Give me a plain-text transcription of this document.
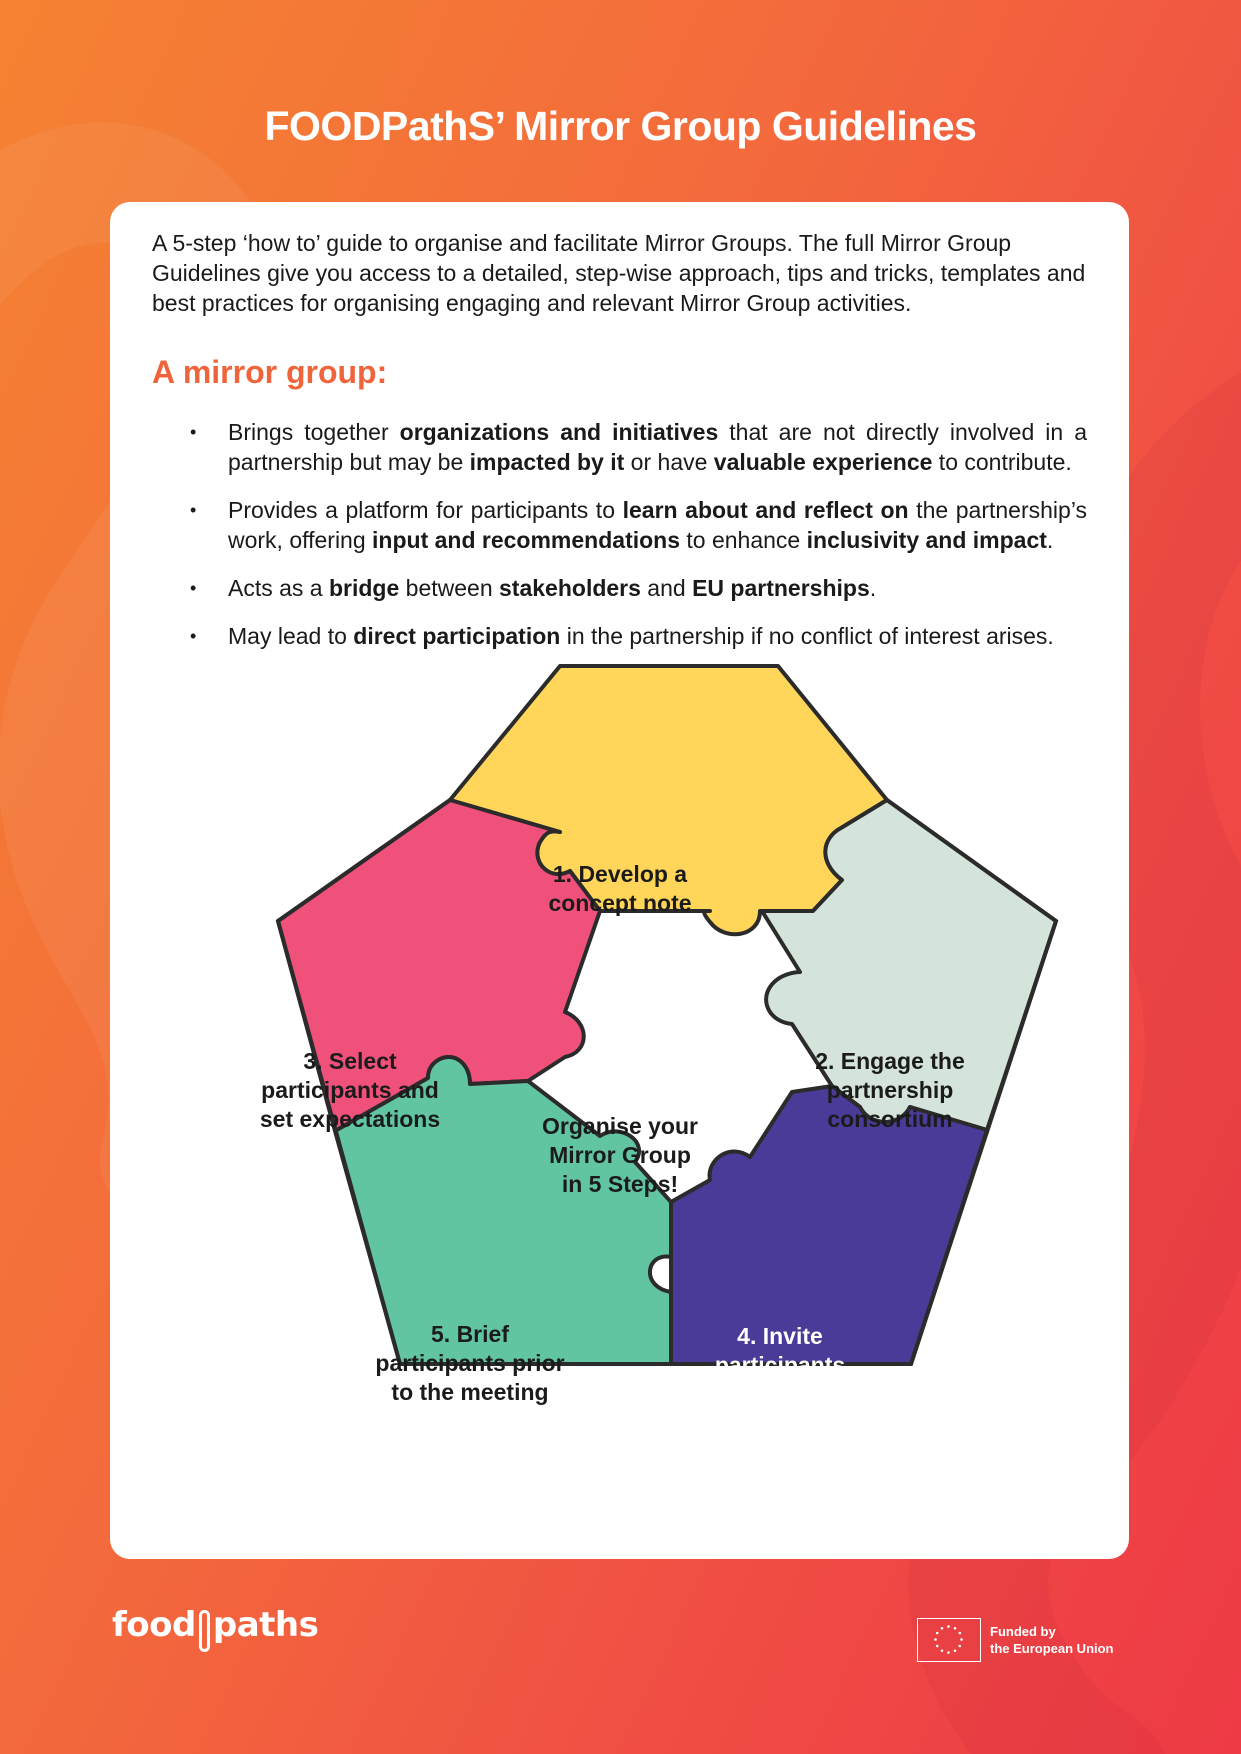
FOODPathS’ Mirror Group Guidelines

A 5-step ‘how to’ guide to organise and facilitate Mirror Groups. The full Mirror Group Guidelines give you access to a detailed, step-wise approach, tips and tricks, templates and best practices for organising engaging and relevant Mirror Group activities.

A mirror group:
• Brings together organizations and initiatives that are not directly involved in a partnership but may be impacted by it or have valuable experience to contribute.
• Provides a platform for participants to learn about and reflect on the partnership’s work, offering input and recommendations to enhance inclusivity and impact.
• Acts as a bridge between stakeholders and EU partnerships.
• May lead to direct participation in the partnership if no conflict of interest arises.
Organise your
Mirror Group
in 5 Steps!
1. Develop a
concept note
2. Engage the
partnership
consortium
3. Select
participants and
set expectations
4. Invite
participants
5. Brief
participants prior
to the meeting
food paths	Funded by
the European Union
